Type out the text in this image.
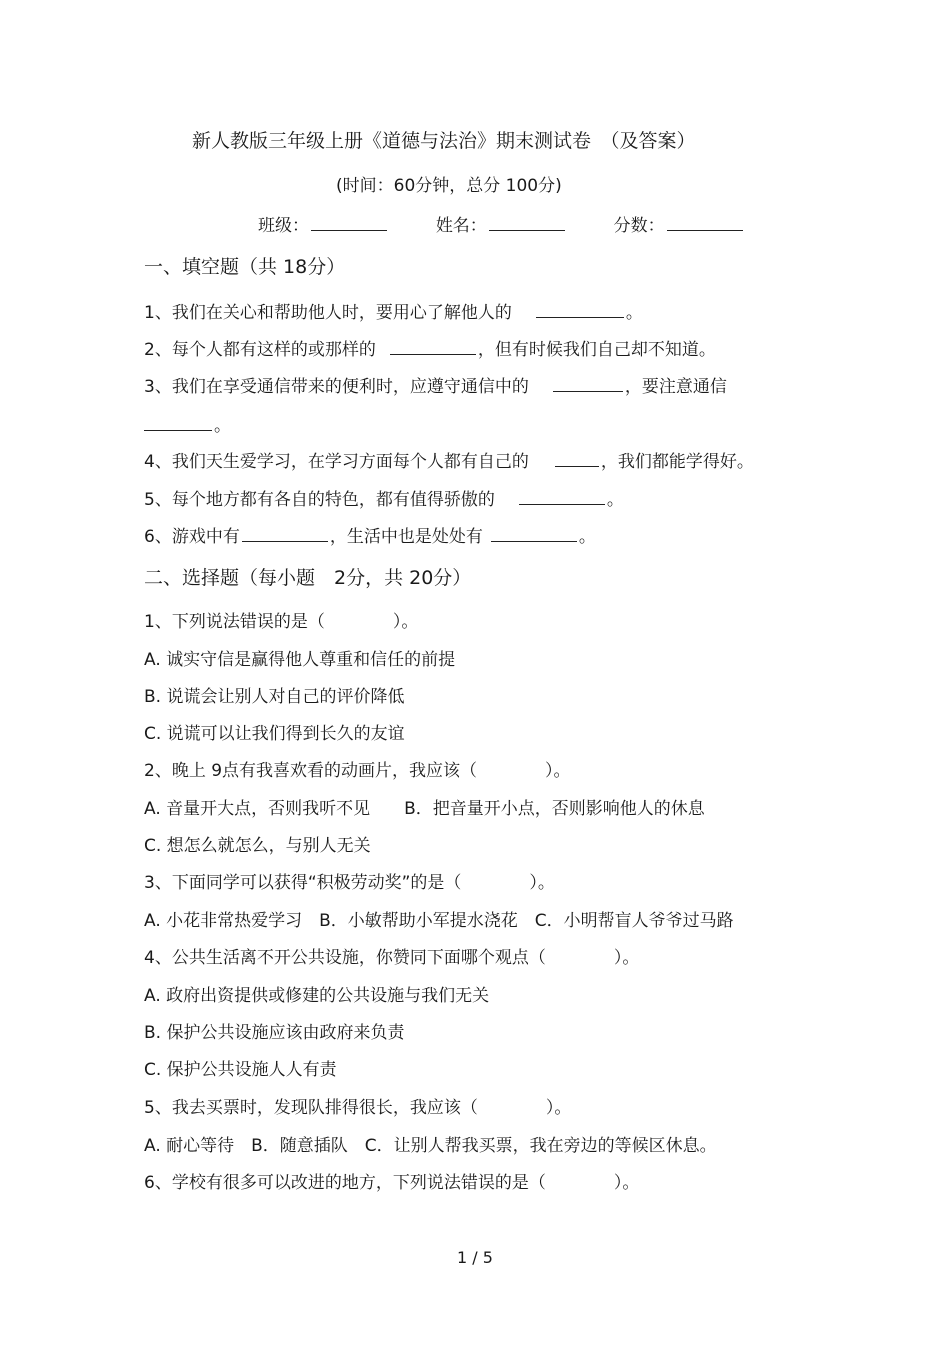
新人教版三年级上册《道德与法治》期末测试卷　（及答案）
(时间：60分钟，总分 100分)
班级：	姓名：	分数：
一、填空题（共 18分）
1、我们在关心和帮助他人时，要用心了解他人的	。
2、每个人都有这样的或那样的	，但有时候我们自己却不知道。
3、我们在享受通信带来的便利时，应遵守通信中的	，要注意通信
。
4、我们天生爱学习，在学习方面每个人都有自己的	，我们都能学得好。
5、每个地方都有各自的特色，都有值得骄傲的	。
6、游戏中有	，生活中也是处处有	。
二、选择题（每小题　2分，共 20分）
1、下列说法错误的是（　　　　）。
A. 诚实守信是赢得他人尊重和信任的前提
B. 说谎会让别人对自己的评价降低
C. 说谎可以让我们得到长久的友谊
2、晚上 9点有我喜欢看的动画片，我应该（　　　　）。
A. 音量开大点，否则我听不见　　B．把音量开小点，否则影响他人的休息
C. 想怎么就怎么，与别人无关
3、下面同学可以获得“积极劳动奖”的是（　　　　）。
A. 小花非常热爱学习　B．小敏帮助小军提水浇花　C．小明帮盲人爷爷过马路
4、公共生活离不开公共设施，你赞同下面哪个观点（　　　　）。
A. 政府出资提供或修建的公共设施与我们无关
B. 保护公共设施应该由政府来负责
C. 保护公共设施人人有责
5、我去买票时，发现队排得很长，我应该（　　　　）。
A. 耐心等待　B．随意插队　C．让别人帮我买票，我在旁边的等候区休息。
6、学校有很多可以改进的地方，下列说法错误的是（　　　　）。
1 / 5
